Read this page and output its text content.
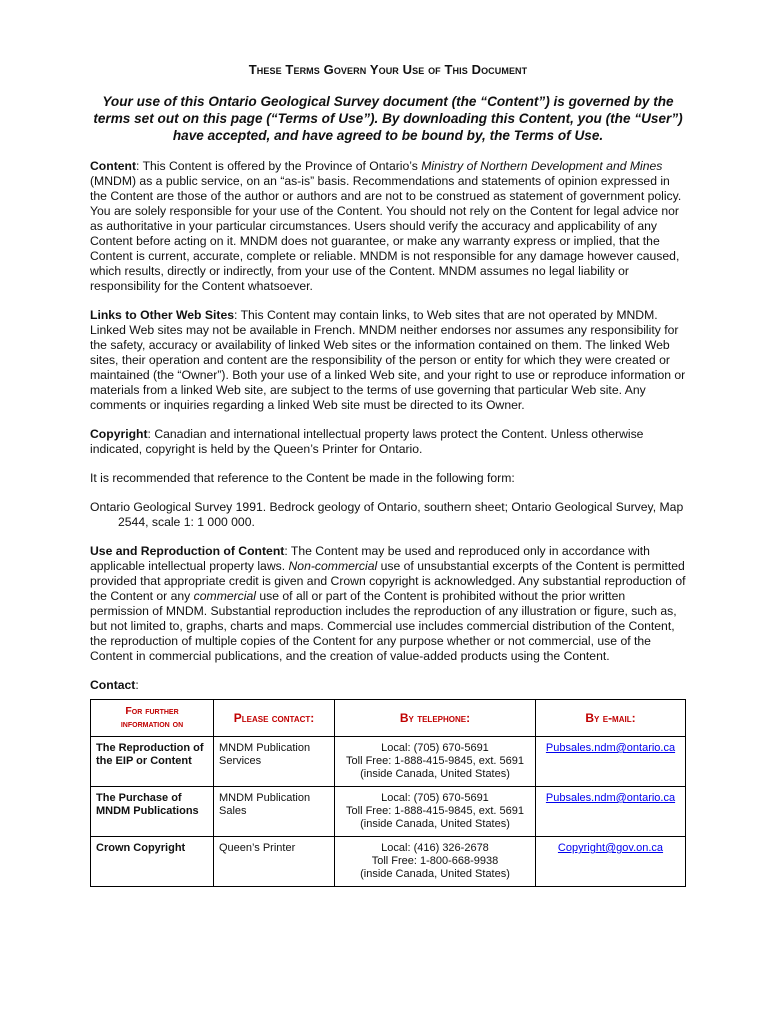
These Terms Govern Your Use of This Document

Your use of this Ontario Geological Survey document (the “Content”) is governed by the terms set out on this page (“Terms of Use”). By downloading this Content, you (the “User”) have accepted, and have agreed to be bound by, the Terms of Use.

Content: This Content is offered by the Province of Ontario’s Ministry of Northern Development and Mines (MNDM) as a public service, on an “as-is” basis. Recommendations and statements of opinion expressed in the Content are those of the author or authors and are not to be construed as statement of government policy. You are solely responsible for your use of the Content. You should not rely on the Content for legal advice nor as authoritative in your particular circumstances. Users should verify the accuracy and applicability of any Content before acting on it. MNDM does not guarantee, or make any warranty express or implied, that the Content is current, accurate, complete or reliable. MNDM is not responsible for any damage however caused, which results, directly or indirectly, from your use of the Content. MNDM assumes no legal liability or responsibility for the Content whatsoever.

Links to Other Web Sites: This Content may contain links, to Web sites that are not operated by MNDM. Linked Web sites may not be available in French. MNDM neither endorses nor assumes any responsibility for the safety, accuracy or availability of linked Web sites or the information contained on them. The linked Web sites, their operation and content are the responsibility of the person or entity for which they were created or maintained (the “Owner”). Both your use of a linked Web site, and your right to use or reproduce information or materials from a linked Web site, are subject to the terms of use governing that particular Web site. Any comments or inquiries regarding a linked Web site must be directed to its Owner.

Copyright: Canadian and international intellectual property laws protect the Content. Unless otherwise indicated, copyright is held by the Queen’s Printer for Ontario.

It is recommended that reference to the Content be made in the following form:

Ontario Geological Survey 1991. Bedrock geology of Ontario, southern sheet; Ontario Geological Survey, Map 2544, scale 1: 1 000 000.

Use and Reproduction of Content: The Content may be used and reproduced only in accordance with applicable intellectual property laws. Non-commercial use of unsubstantial excerpts of the Content is permitted provided that appropriate credit is given and Crown copyright is acknowledged. Any substantial reproduction of the Content or any commercial use of all or part of the Content is prohibited without the prior written permission of MNDM. Substantial reproduction includes the reproduction of any illustration or figure, such as, but not limited to, graphs, charts and maps. Commercial use includes commercial distribution of the Content, the reproduction of multiple copies of the Content for any purpose whether or not commercial, use of the Content in commercial publications, and the creation of value-added products using the Content.

Contact:

For further
information on	Please contact:	By telephone:	By e-mail:
The Reproduction of the EIP or Content	MNDM Publication Services	Local: (705) 670-5691
Toll Free: 1-888-415-9845, ext. 5691
(inside Canada, United States)	Pubsales.ndm@ontario.ca
The Purchase of MNDM Publications	MNDM Publication Sales	Local: (705) 670-5691
Toll Free: 1-888-415-9845, ext. 5691
(inside Canada, United States)	Pubsales.ndm@ontario.ca
Crown Copyright	Queen’s Printer	Local: (416) 326-2678
Toll Free: 1-800-668-9938
(inside Canada, United States)	Copyright@gov.on.ca
